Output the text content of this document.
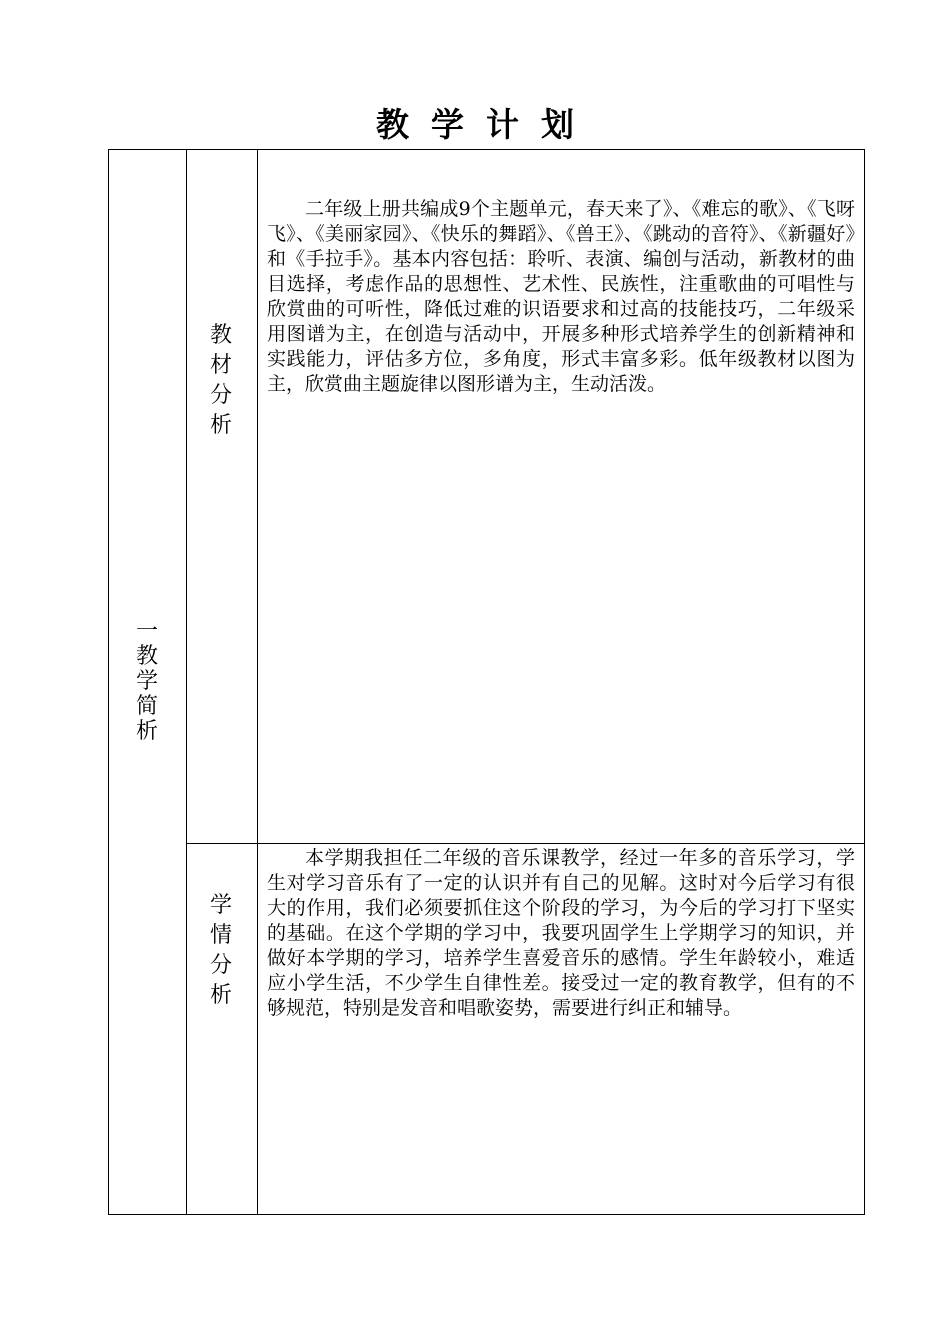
教学计划
一
教
学
简
析
教
材
分
析
二年级上册共编成9个主题单元，春天来了》、《难忘的歌》、《飞呀飞》、《美丽家园》、《快乐的舞蹈》、《兽王》、《跳动的音符》、《新疆好》和《手拉手》。基本内容包括：聆听、表演、编创与活动，新教材的曲目选择，考虑作品的思想性、艺术性、民族性，注重歌曲的可唱性与欣赏曲的可听性，降低过难的识语要求和过高的技能技巧，二年级采用图谱为主，在创造与活动中，开展多种形式培养学生的创新精神和实践能力，评估多方位，多角度，形式丰富多彩。低年级教材以图为主，欣赏曲主题旋律以图形谱为主，生动活泼。
学
情
分
析
本学期我担任二年级的音乐课教学，经过一年多的音乐学习，学生对学习音乐有了一定的认识并有自己的见解。这时对今后学习有很大的作用，我们必须要抓住这个阶段的学习，为今后的学习打下坚实的基础。在这个学期的学习中，我要巩固学生上学期学习的知识，并做好本学期的学习，培养学生喜爱音乐的感情。学生年龄较小，难适应小学生活，不少学生自律性差。接受过一定的教育教学，但有的不够规范，特别是发音和唱歌姿势，需要进行纠正和辅导。
